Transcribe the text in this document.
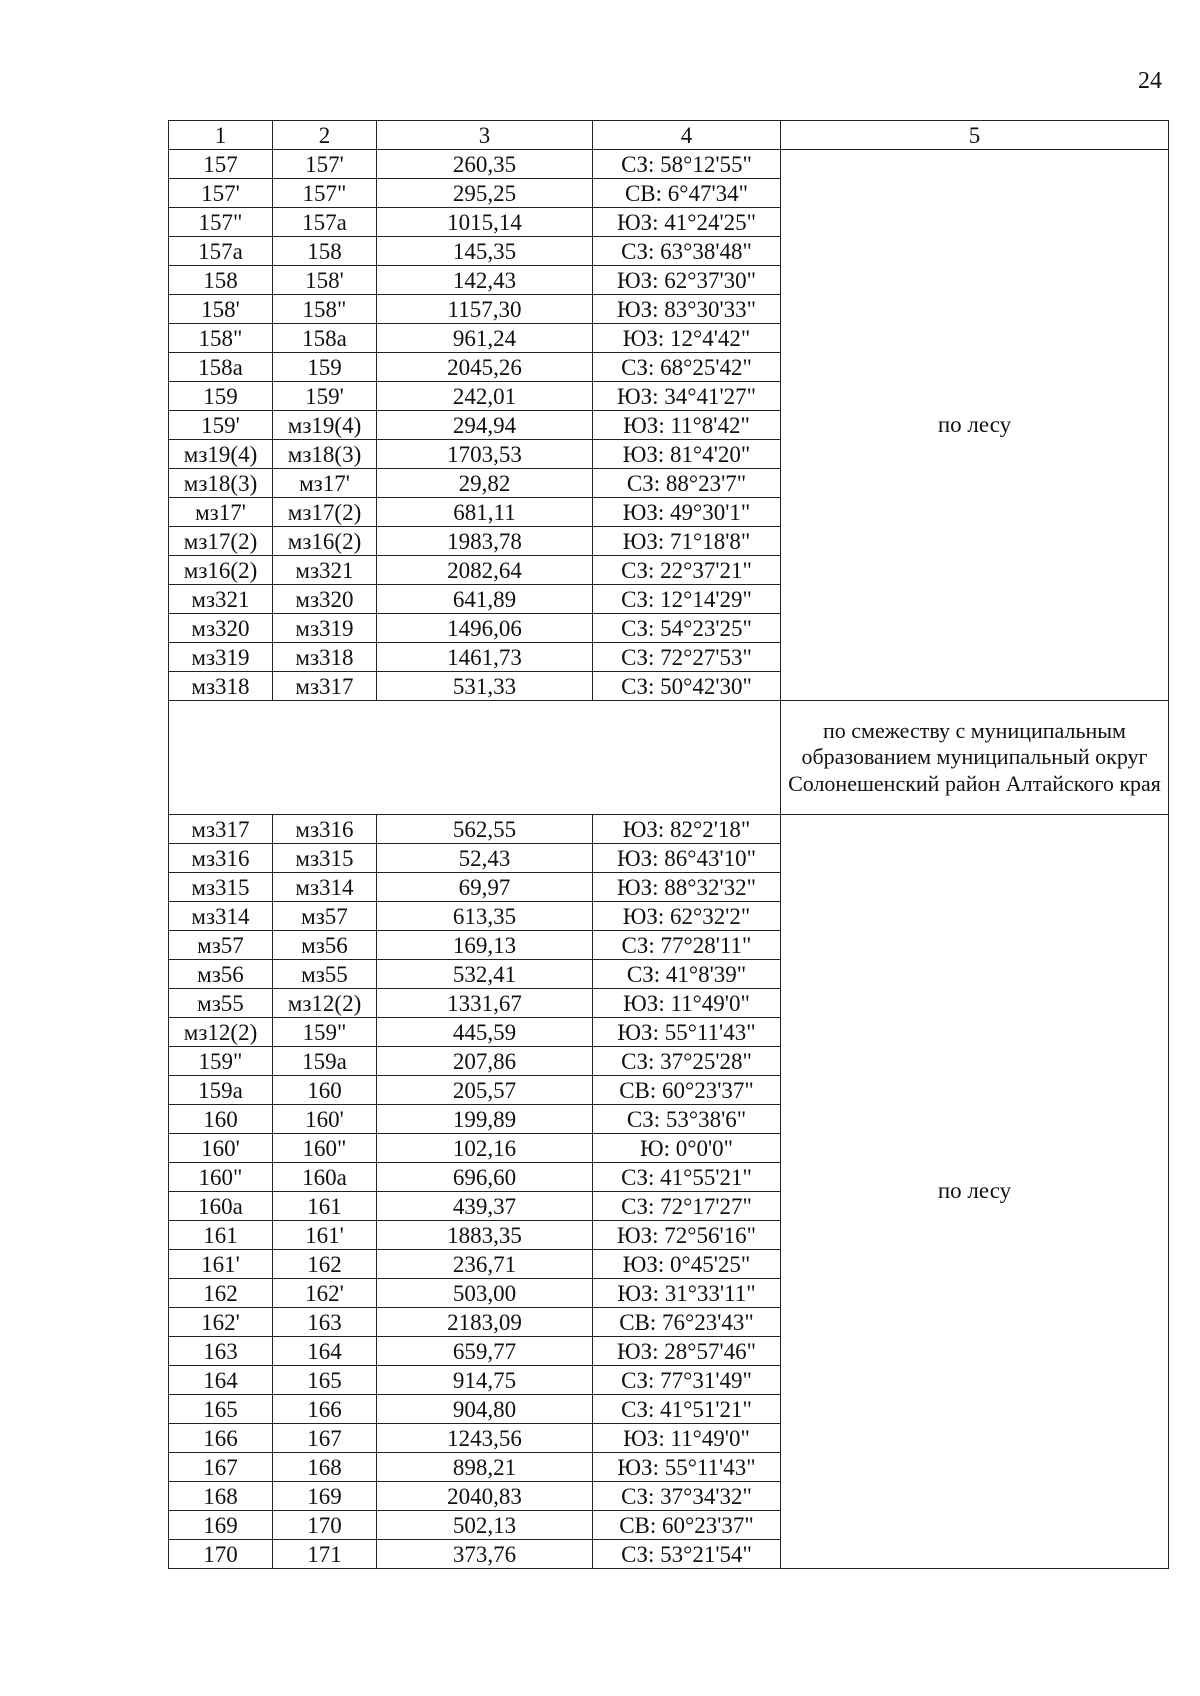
24
1	2	3	4	5
157	157'	260,35	СЗ: 58°12'55"	по лесу
157'	157"	295,25	СВ: 6°47'34"	
157"	157а	1015,14	ЮЗ: 41°24'25"	
157а	158	145,35	СЗ: 63°38'48"	
158	158'	142,43	ЮЗ: 62°37'30"	
158'	158"	1157,30	ЮЗ: 83°30'33"	
158"	158а	961,24	ЮЗ: 12°4'42"	
158а	159	2045,26	СЗ: 68°25'42"	
159	159'	242,01	ЮЗ: 34°41'27"	
159'	мз19(4)	294,94	ЮЗ: 11°8'42"	
мз19(4)	мз18(3)	1703,53	ЮЗ: 81°4'20"	
мз18(3)	мз17'	29,82	СЗ: 88°23'7"	
мз17'	мз17(2)	681,11	ЮЗ: 49°30'1"	
мз17(2)	мз16(2)	1983,78	ЮЗ: 71°18'8"	
мз16(2)	мз321	2082,64	СЗ: 22°37'21"	
мз321	мз320	641,89	СЗ: 12°14'29"	
мз320	мз319	1496,06	СЗ: 54°23'25"	
мз319	мз318	1461,73	СЗ: 72°27'53"	
мз318	мз317	531,33	СЗ: 50°42'30"	
				по смежеству с муниципальным образованием муниципальный округ Солонешенский район Алтайского края
мз317	мз316	562,55	ЮЗ: 82°2'18"	по лесу
мз316	мз315	52,43	ЮЗ: 86°43'10"	
мз315	мз314	69,97	ЮЗ: 88°32'32"	
мз314	мз57	613,35	ЮЗ: 62°32'2"	
мз57	мз56	169,13	СЗ: 77°28'11"	
мз56	мз55	532,41	СЗ: 41°8'39"	
мз55	мз12(2)	1331,67	ЮЗ: 11°49'0"	
мз12(2)	159"	445,59	ЮЗ: 55°11'43"	
159"	159а	207,86	СЗ: 37°25'28"	
159а	160	205,57	СВ: 60°23'37"	
160	160'	199,89	СЗ: 53°38'6"	
160'	160"	102,16	Ю: 0°0'0"	
160"	160а	696,60	СЗ: 41°55'21"	
160а	161	439,37	СЗ: 72°17'27"	
161	161'	1883,35	ЮЗ: 72°56'16"	
161'	162	236,71	ЮЗ: 0°45'25"	
162	162'	503,00	ЮЗ: 31°33'11"	
162'	163	2183,09	СВ: 76°23'43"	
163	164	659,77	ЮЗ: 28°57'46"	
164	165	914,75	СЗ: 77°31'49"	
165	166	904,80	СЗ: 41°51'21"	
166	167	1243,56	ЮЗ: 11°49'0"	
167	168	898,21	ЮЗ: 55°11'43"	
168	169	2040,83	СЗ: 37°34'32"	
169	170	502,13	СВ: 60°23'37"	
170	171	373,76	СЗ: 53°21'54"	
